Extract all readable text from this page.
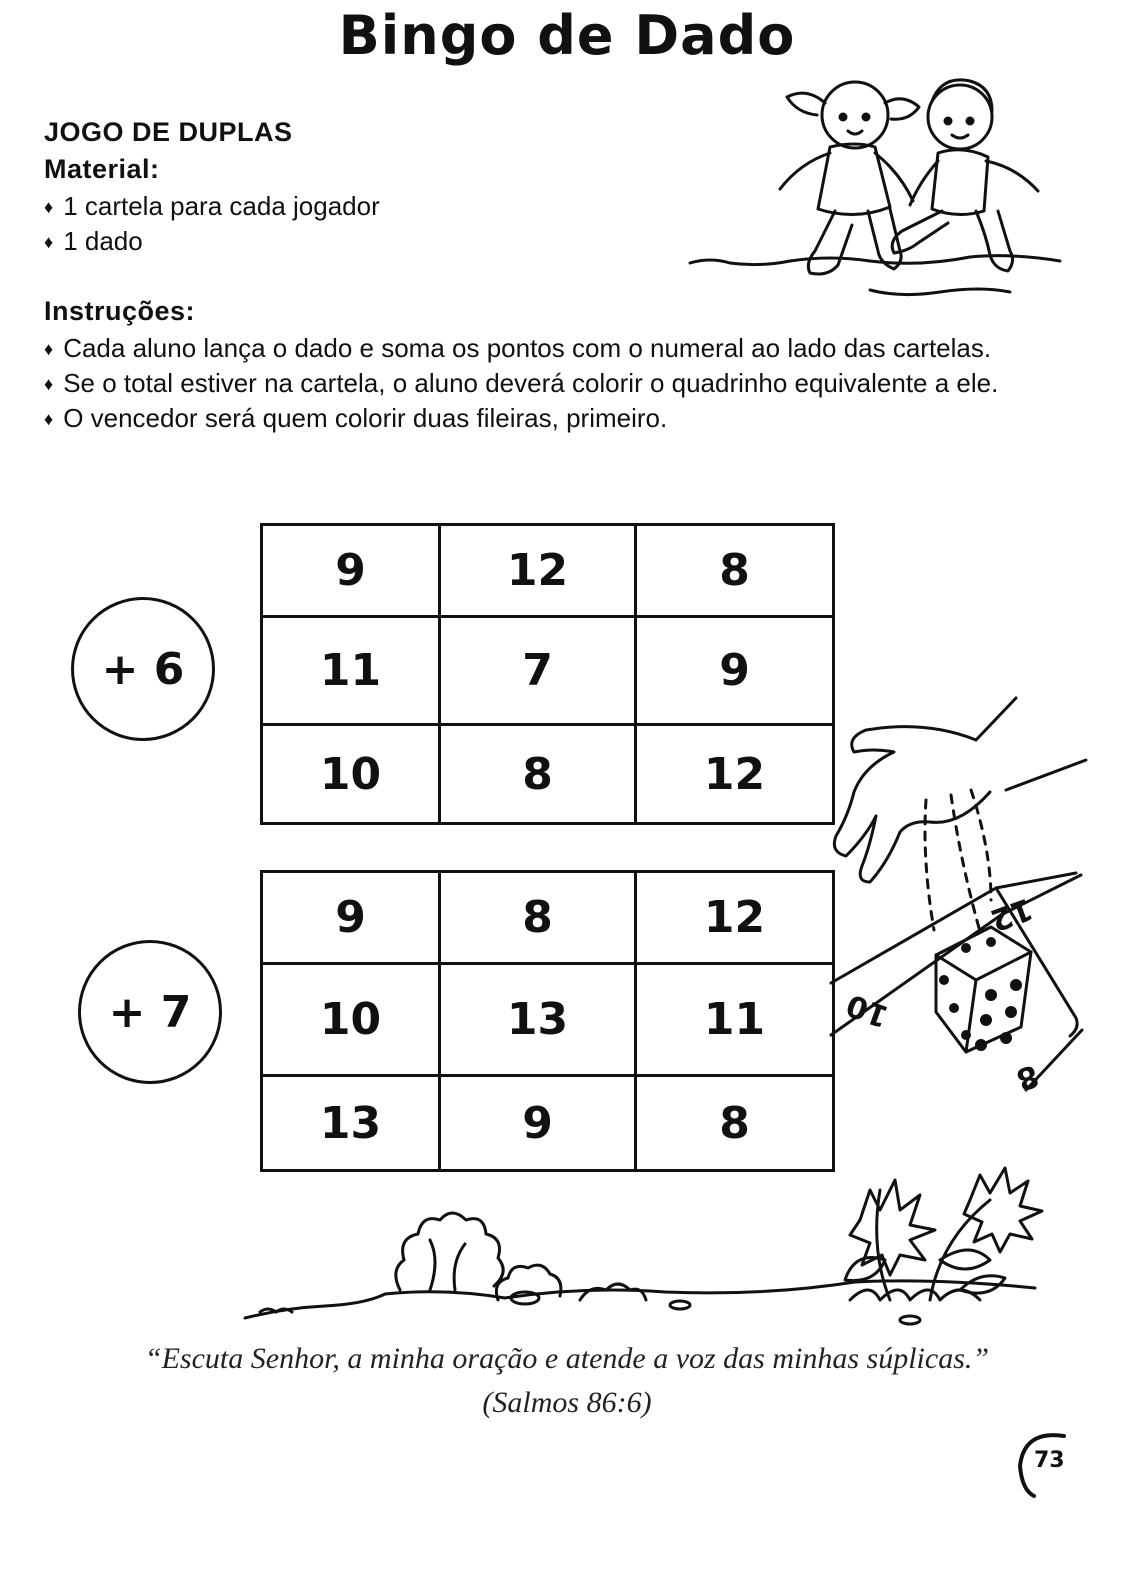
Bingo de Dado
JOGO DE DUPLAS
Material:
♦ 1 cartela para cada jogador
♦ 1 dado
Instruções:
♦ Cada aluno lança o dado e soma os pontos com o numeral ao lado das cartelas.
♦ Se o total estiver na cartela, o aluno deverá colorir o quadrinho equivalente a ele.
♦ O vencedor será quem colorir duas fileiras, primeiro.
+ 6
9	12	8
11	7	9
10	8	12
+ 7
9	8	12
10	13	11
13	9	8
12
10
8
“Escuta Senhor, a minha oração e atende a voz das minhas súplicas.”
(Salmos 86:6)
73
